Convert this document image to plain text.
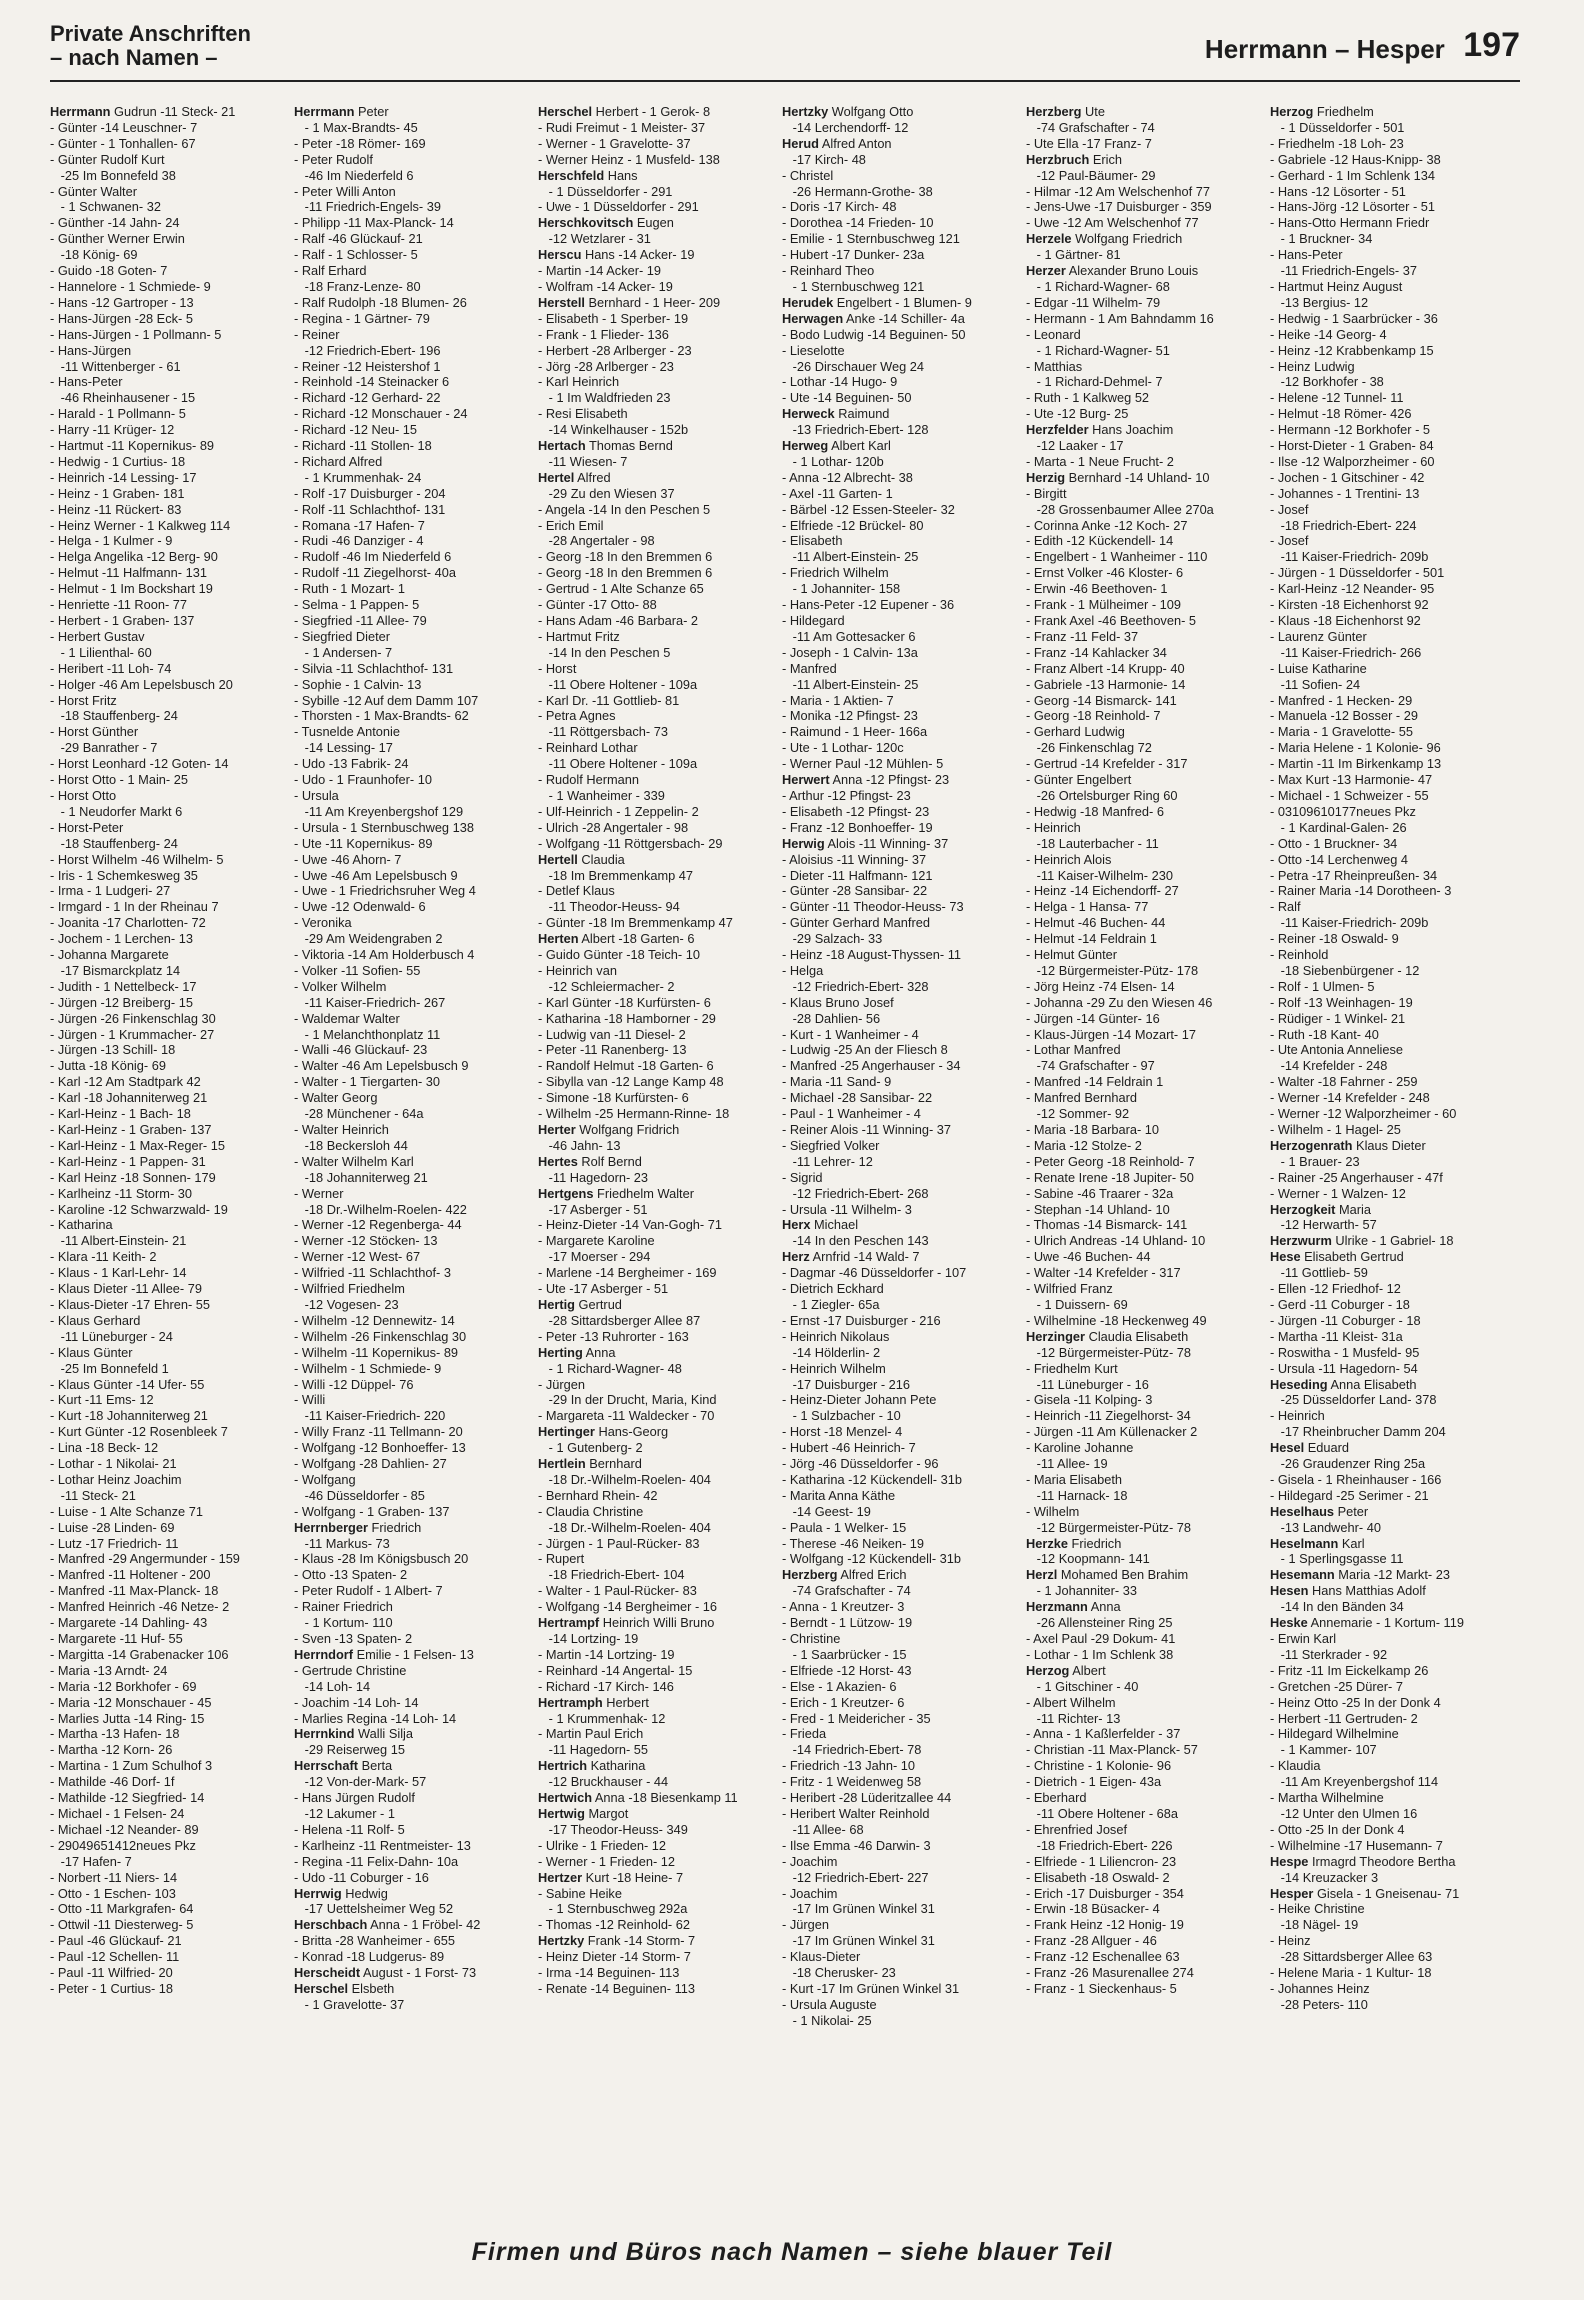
Private Anschriften
– nach Namen –	Herrmann – Hesper 197
Herrmann Gudrun -11 Steck- 21
- Günter -14 Leuschner- 7
- Günter - 1 Tonhallen- 67
- Günter Rudolf Kurt
-25 Im Bonnefeld 38
- Günter Walter
- 1 Schwanen- 32
- Günther -14 Jahn- 24
- Günther Werner Erwin
-18 König- 69
- Guido -18 Goten- 7
- Hannelore - 1 Schmiede- 9
- Hans -12 Gartroper - 13
- Hans-Jürgen -28 Eck- 5
- Hans-Jürgen - 1 Pollmann- 5
- Hans-Jürgen
-11 Wittenberger - 61
- Hans-Peter
-46 Rheinhausener - 15
- Harald - 1 Pollmann- 5
- Harry -11 Krüger- 12
- Hartmut -11 Kopernikus- 89
- Hedwig - 1 Curtius- 18
- Heinrich -14 Lessing- 17
- Heinz - 1 Graben- 181
- Heinz -11 Rückert- 83
- Heinz Werner - 1 Kalkweg 114
- Helga - 1 Kulmer - 9
- Helga Angelika -12 Berg- 90
- Helmut -11 Halfmann- 131
- Helmut - 1 Im Bockshart 19
- Henriette -11 Roon- 77
- Herbert - 1 Graben- 137
- Herbert Gustav
- 1 Lilienthal- 60
- Heribert -11 Loh- 74
- Holger -46 Am Lepelsbusch 20
- Horst Fritz
-18 Stauffenberg- 24
- Horst Günther
-29 Banrather - 7
- Horst Leonhard -12 Goten- 14
- Horst Otto - 1 Main- 25
- Horst Otto
- 1 Neudorfer Markt 6
- Horst-Peter
-18 Stauffenberg- 24
- Horst Wilhelm -46 Wilhelm- 5
- Iris - 1 Schemkesweg 35
- Irma - 1 Ludgeri- 27
- Irmgard - 1 In der Rheinau 7
- Joanita -17 Charlotten- 72
- Jochem - 1 Lerchen- 13
- Johanna Margarete
-17 Bismarckplatz 14
- Judith - 1 Nettelbeck- 17
- Jürgen -12 Breiberg- 15
- Jürgen -26 Finkenschlag 30
- Jürgen - 1 Krummacher- 27
- Jürgen -13 Schill- 18
- Jutta -18 König- 69
- Karl -12 Am Stadtpark 42
- Karl -18 Johanniterweg 21
- Karl-Heinz - 1 Bach- 18
- Karl-Heinz - 1 Graben- 137
- Karl-Heinz - 1 Max-Reger- 15
- Karl-Heinz - 1 Pappen- 31
- Karl Heinz -18 Sonnen- 179
- Karlheinz -11 Storm- 30
- Karoline -12 Schwarzwald- 19
- Katharina
-11 Albert-Einstein- 21
- Klara -11 Keith- 2
- Klaus - 1 Karl-Lehr- 14
- Klaus Dieter -11 Allee- 79
- Klaus-Dieter -17 Ehren- 55
- Klaus Gerhard
-11 Lüneburger - 24
- Klaus Günter
-25 Im Bonnefeld 1
- Klaus Günter -14 Ufer- 55
- Kurt -11 Ems- 12
- Kurt -18 Johanniterweg 21
- Kurt Günter -12 Rosenbleek 7
- Lina -18 Beck- 12
- Lothar - 1 Nikolai- 21
- Lothar Heinz Joachim
-11 Steck- 21
- Luise - 1 Alte Schanze 71
- Luise -28 Linden- 69
- Lutz -17 Friedrich- 11
- Manfred -29 Angermunder - 159
- Manfred -11 Holtener - 200
- Manfred -11 Max-Planck- 18
- Manfred Heinrich -46 Netze- 2
- Margarete -14 Dahling- 43
- Margarete -11 Huf- 55
- Margitta -14 Grabenacker 106
- Maria -13 Arndt- 24
- Maria -12 Borkhofer - 69
- Maria -12 Monschauer - 45
- Marlies Jutta -14 Ring- 15
- Martha -13 Hafen- 18
- Martha -12 Korn- 26
- Martina - 1 Zum Schulhof 3
- Mathilde -46 Dorf- 1f
- Mathilde -12 Siegfried- 14
- Michael - 1 Felsen- 24
- Michael -12 Neander- 89
- 29049651412neues Pkz
-17 Hafen- 7
- Norbert -11 Niers- 14
- Otto - 1 Eschen- 103
- Otto -11 Markgrafen- 64
- Ottwil -11 Diesterweg- 5
- Paul -46 Glückauf- 21
- Paul -12 Schellen- 11
- Paul -11 Wilfried- 20
- Peter - 1 Curtius- 18
Herrmann Peter
- 1 Max-Brandts- 45
- Peter -18 Römer- 169
- Peter Rudolf
-46 Im Niederfeld 6
- Peter Willi Anton
-11 Friedrich-Engels- 39
- Philipp -11 Max-Planck- 14
- Ralf -46 Glückauf- 21
- Ralf - 1 Schlosser- 5
- Ralf Erhard
-18 Franz-Lenze- 80
- Ralf Rudolph -18 Blumen- 26
- Regina - 1 Gärtner- 79
- Reiner
-12 Friedrich-Ebert- 196
- Reiner -12 Heistershof 1
- Reinhold -14 Steinacker 6
- Richard -12 Gerhard- 22
- Richard -12 Monschauer - 24
- Richard -12 Neu- 15
- Richard -11 Stollen- 18
- Richard Alfred
- 1 Krummenhak- 24
- Rolf -17 Duisburger - 204
- Rolf -11 Schlachthof- 131
- Romana -17 Hafen- 7
- Rudi -46 Danziger - 4
- Rudolf -46 Im Niederfeld 6
- Rudolf -11 Ziegelhorst- 40a
- Ruth - 1 Mozart- 1
- Selma - 1 Pappen- 5
- Siegfried -11 Allee- 79
- Siegfried Dieter
- 1 Andersen- 7
- Silvia -11 Schlachthof- 131
- Sophie - 1 Calvin- 13
- Sybille -12 Auf dem Damm 107
- Thorsten - 1 Max-Brandts- 62
- Tusnelde Antonie
-14 Lessing- 17
- Udo -13 Fabrik- 24
- Udo - 1 Fraunhofer- 10
- Ursula
-11 Am Kreyenbergshof 129
- Ursula - 1 Sternbuschweg 138
- Ute -11 Kopernikus- 89
- Uwe -46 Ahorn- 7
- Uwe -46 Am Lepelsbusch 9
- Uwe - 1 Friedrichsruher Weg 4
- Uwe -12 Odenwald- 6
- Veronika
-29 Am Weidengraben 2
- Viktoria -14 Am Holderbusch 4
- Volker -11 Sofien- 55
- Volker Wilhelm
-11 Kaiser-Friedrich- 267
- Waldemar Walter
- 1 Melanchthonplatz 11
- Walli -46 Glückauf- 23
- Walter -46 Am Lepelsbusch 9
- Walter - 1 Tiergarten- 30
- Walter Georg
-28 Münchener - 64a
- Walter Heinrich
-18 Beckersloh 44
- Walter Wilhelm Karl
-18 Johanniterweg 21
- Werner
-18 Dr.-Wilhelm-Roelen- 422
- Werner -12 Regenberga- 44
- Werner -12 Stöcken- 13
- Werner -12 West- 67
- Wilfried -11 Schlachthof- 3
- Wilfried Friedhelm
-12 Vogesen- 23
- Wilhelm -12 Dennewitz- 14
- Wilhelm -26 Finkenschlag 30
- Wilhelm -11 Kopernikus- 89
- Wilhelm - 1 Schmiede- 9
- Willi -12 Düppel- 76
- Willi
-11 Kaiser-Friedrich- 220
- Willy Franz -11 Tellmann- 20
- Wolfgang -12 Bonhoeffer- 13
- Wolfgang -28 Dahlien- 27
- Wolfgang
-46 Düsseldorfer - 85
- Wolfgang - 1 Graben- 137
Herrnberger Friedrich
-11 Markus- 73
- Klaus -28 Im Königsbusch 20
- Otto -13 Spaten- 2
- Peter Rudolf - 1 Albert- 7
- Rainer Friedrich
- 1 Kortum- 110
- Sven -13 Spaten- 2
Herrndorf Emilie - 1 Felsen- 13
- Gertrude Christine
-14 Loh- 14
- Joachim -14 Loh- 14
- Marlies Regina -14 Loh- 14
Herrnkind Walli Silja
-29 Reiserweg 15
Herrschaft Berta
-12 Von-der-Mark- 57
- Hans Jürgen Rudolf
-12 Lakumer - 1
- Helena -11 Rolf- 5
- Karlheinz -11 Rentmeister- 13
- Regina -11 Felix-Dahn- 10a
- Udo -11 Coburger - 16
Herrwig Hedwig
-17 Uettelsheimer Weg 52
Herschbach Anna - 1 Fröbel- 42
- Britta -28 Wanheimer - 655
- Konrad -18 Ludgerus- 89
Herscheidt August - 1 Forst- 73
Herschel Elsbeth
- 1 Gravelotte- 37
Herschel Herbert - 1 Gerok- 8
- Rudi Freimut - 1 Meister- 37
- Werner - 1 Gravelotte- 37
- Werner Heinz - 1 Musfeld- 138
Herschfeld Hans
- 1 Düsseldorfer - 291
- Uwe - 1 Düsseldorfer - 291
Herschkovitsch Eugen
-12 Wetzlarer - 31
Herscu Hans -14 Acker- 19
- Martin -14 Acker- 19
- Wolfram -14 Acker- 19
Herstell Bernhard - 1 Heer- 209
- Elisabeth - 1 Sperber- 19
- Frank - 1 Flieder- 136
- Herbert -28 Arlberger - 23
- Jörg -28 Arlberger - 23
- Karl Heinrich
- 1 Im Waldfrieden 23
- Resi Elisabeth
-14 Winkelhauser - 152b
Hertach Thomas Bernd
-11 Wiesen- 7
Hertel Alfred
-29 Zu den Wiesen 37
- Angela -14 In den Peschen 5
- Erich Emil
-28 Angertaler - 98
- Georg -18 In den Bremmen 6
- Georg -18 In den Bremmen 6
- Gertrud - 1 Alte Schanze 65
- Günter -17 Otto- 88
- Hans Adam -46 Barbara- 2
- Hartmut Fritz
-14 In den Peschen 5
- Horst
-11 Obere Holtener - 109a
- Karl Dr. -11 Gottlieb- 81
- Petra Agnes
-11 Röttgersbach- 73
- Reinhard Lothar
-11 Obere Holtener - 109a
- Rudolf Hermann
- 1 Wanheimer - 339
- Ulf-Heinrich - 1 Zeppelin- 2
- Ulrich -28 Angertaler - 98
- Wolfgang -11 Röttgersbach- 29
Hertell Claudia
-18 Im Bremmenkamp 47
- Detlef Klaus
-11 Theodor-Heuss- 94
- Günter -18 Im Bremmenkamp 47
Herten Albert -18 Garten- 6
- Guido Günter -18 Teich- 10
- Heinrich van
-12 Schleiermacher- 2
- Karl Günter -18 Kurfürsten- 6
- Katharina -18 Hamborner - 29
- Ludwig van -11 Diesel- 2
- Peter -11 Ranenberg- 13
- Randolf Helmut -18 Garten- 6
- Sibylla van -12 Lange Kamp 48
- Simone -18 Kurfürsten- 6
- Wilhelm -25 Hermann-Rinne- 18
Herter Wolfgang Fridrich
-46 Jahn- 13
Hertes Rolf Bernd
-11 Hagedorn- 23
Hertgens Friedhelm Walter
-17 Asberger - 51
- Heinz-Dieter -14 Van-Gogh- 71
- Margarete Karoline
-17 Moerser - 294
- Marlene -14 Bergheimer - 169
- Ute -17 Asberger - 51
Hertig Gertrud
-28 Sittardsberger Allee 87
- Peter -13 Ruhrorter - 163
Herting Anna
- 1 Richard-Wagner- 48
- Jürgen
-29 In der Drucht, Maria, Kind
- Margareta -11 Waldecker - 70
Hertinger Hans-Georg
- 1 Gutenberg- 2
Hertlein Bernhard
-18 Dr.-Wilhelm-Roelen- 404
- Bernhard Rhein- 42
- Claudia Christine
-18 Dr.-Wilhelm-Roelen- 404
- Jürgen - 1 Paul-Rücker- 83
- Rupert
-18 Friedrich-Ebert- 104
- Walter - 1 Paul-Rücker- 83
- Wolfgang -14 Bergheimer - 16
Hertrampf Heinrich Willi Bruno
-14 Lortzing- 19
- Martin -14 Lortzing- 19
- Reinhard -14 Angertal- 15
- Richard -17 Kirch- 146
Hertramph Herbert
- 1 Krummenhak- 12
- Martin Paul Erich
-11 Hagedorn- 55
Hertrich Katharina
-12 Bruckhauser - 44
Hertwich Anna -18 Biesenkamp 11
Hertwig Margot
-17 Theodor-Heuss- 349
- Ulrike - 1 Frieden- 12
- Werner - 1 Frieden- 12
Hertzer Kurt -18 Heine- 7
- Sabine Heike
- 1 Sternbuschweg 292a
- Thomas -12 Reinhold- 62
Hertzky Frank -14 Storm- 7
- Heinz Dieter -14 Storm- 7
- Irma -14 Beguinen- 113
- Renate -14 Beguinen- 113
Hertzky Wolfgang Otto
-14 Lerchendorff- 12
Herud Alfred Anton
-17 Kirch- 48
- Christel
-26 Hermann-Grothe- 38
- Doris -17 Kirch- 48
- Dorothea -14 Frieden- 10
- Emilie - 1 Sternbuschweg 121
- Hubert -17 Dunker- 23a
- Reinhard Theo
- 1 Sternbuschweg 121
Herudek Engelbert - 1 Blumen- 9
Herwagen Anke -14 Schiller- 4a
- Bodo Ludwig -14 Beguinen- 50
- Lieselotte
-26 Dirschauer Weg 24
- Lothar -14 Hugo- 9
- Ute -14 Beguinen- 50
Herweck Raimund
-13 Friedrich-Ebert- 128
Herweg Albert Karl
- 1 Lothar- 120b
- Anna -12 Albrecht- 38
- Axel -11 Garten- 1
- Bärbel -12 Essen-Steeler- 32
- Elfriede -12 Brückel- 80
- Elisabeth
-11 Albert-Einstein- 25
- Friedrich Wilhelm
- 1 Johanniter- 158
- Hans-Peter -12 Eupener - 36
- Hildegard
-11 Am Gottesacker 6
- Joseph - 1 Calvin- 13a
- Manfred
-11 Albert-Einstein- 25
- Maria - 1 Aktien- 7
- Monika -12 Pfingst- 23
- Raimund - 1 Heer- 166a
- Ute - 1 Lothar- 120c
- Werner Paul -12 Mühlen- 5
Herwert Anna -12 Pfingst- 23
- Arthur -12 Pfingst- 23
- Elisabeth -12 Pfingst- 23
- Franz -12 Bonhoeffer- 19
Herwig Alois -11 Winning- 37
- Aloisius -11 Winning- 37
- Dieter -11 Halfmann- 121
- Günter -28 Sansibar- 22
- Günter -11 Theodor-Heuss- 73
- Günter Gerhard Manfred
-29 Salzach- 33
- Heinz -18 August-Thyssen- 11
- Helga
-12 Friedrich-Ebert- 328
- Klaus Bruno Josef
-28 Dahlien- 56
- Kurt - 1 Wanheimer - 4
- Ludwig -25 An der Fliesch 8
- Manfred -25 Angerhauser - 34
- Maria -11 Sand- 9
- Michael -28 Sansibar- 22
- Paul - 1 Wanheimer - 4
- Reiner Alois -11 Winning- 37
- Siegfried Volker
-11 Lehrer- 12
- Sigrid
-12 Friedrich-Ebert- 268
- Ursula -11 Wilhelm- 3
Herx Michael
-14 In den Peschen 143
Herz Arnfrid -14 Wald- 7
- Dagmar -46 Düsseldorfer - 107
- Dietrich Eckhard
- 1 Ziegler- 65a
- Ernst -17 Duisburger - 216
- Heinrich Nikolaus
-14 Hölderlin- 2
- Heinrich Wilhelm
-17 Duisburger - 216
- Heinz-Dieter Johann Pete
- 1 Sulzbacher - 10
- Horst -18 Menzel- 4
- Hubert -46 Heinrich- 7
- Jörg -46 Düsseldorfer - 96
- Katharina -12 Kückendell- 31b
- Marita Anna Käthe
-14 Geest- 19
- Paula - 1 Welker- 15
- Therese -46 Neiken- 19
- Wolfgang -12 Kückendell- 31b
Herzberg Alfred Erich
-74 Grafschafter - 74
- Anna - 1 Kreutzer- 3
- Berndt - 1 Lützow- 19
- Christine
- 1 Saarbrücker - 15
- Elfriede -12 Horst- 43
- Else - 1 Akazien- 6
- Erich - 1 Kreutzer- 6
- Fred - 1 Meidericher - 35
- Frieda
-14 Friedrich-Ebert- 78
- Friedrich -13 Jahn- 10
- Fritz - 1 Weidenweg 58
- Heribert -28 Lüderitzallee 44
- Heribert Walter Reinhold
-11 Allee- 68
- Ilse Emma -46 Darwin- 3
- Joachim
-12 Friedrich-Ebert- 227
- Joachim
-17 Im Grünen Winkel 31
- Jürgen
-17 Im Grünen Winkel 31
- Klaus-Dieter
-18 Cherusker- 23
- Kurt -17 Im Grünen Winkel 31
- Ursula Auguste
- 1 Nikolai- 25
Herzberg Ute
-74 Grafschafter - 74
- Ute Ella -17 Franz- 7
Herzbruch Erich
-12 Paul-Bäumer- 29
- Hilmar -12 Am Welschenhof 77
- Jens-Uwe -17 Duisburger - 359
- Uwe -12 Am Welschenhof 77
Herzele Wolfgang Friedrich
- 1 Gärtner- 81
Herzer Alexander Bruno Louis
- 1 Richard-Wagner- 68
- Edgar -11 Wilhelm- 79
- Hermann - 1 Am Bahndamm 16
- Leonard
- 1 Richard-Wagner- 51
- Matthias
- 1 Richard-Dehmel- 7
- Ruth - 1 Kalkweg 52
- Ute -12 Burg- 25
Herzfelder Hans Joachim
-12 Laaker - 17
- Marta - 1 Neue Frucht- 2
Herzig Bernhard -14 Uhland- 10
- Birgitt
-28 Grossenbaumer Allee 270a
- Corinna Anke -12 Koch- 27
- Edith -12 Kückendell- 14
- Engelbert - 1 Wanheimer - 110
- Ernst Volker -46 Kloster- 6
- Erwin -46 Beethoven- 1
- Frank - 1 Mülheimer - 109
- Frank Axel -46 Beethoven- 5
- Franz -11 Feld- 37
- Franz -14 Kahlacker 34
- Franz Albert -14 Krupp- 40
- Gabriele -13 Harmonie- 14
- Georg -14 Bismarck- 141
- Georg -18 Reinhold- 7
- Gerhard Ludwig
-26 Finkenschlag 72
- Gertrud -14 Krefelder - 317
- Günter Engelbert
-26 Ortelsburger Ring 60
- Hedwig -18 Manfred- 6
- Heinrich
-18 Lauterbacher - 11
- Heinrich Alois
-11 Kaiser-Wilhelm- 230
- Heinz -14 Eichendorff- 27
- Helga - 1 Hansa- 77
- Helmut -46 Buchen- 44
- Helmut -14 Feldrain 1
- Helmut Günter
-12 Bürgermeister-Pütz- 178
- Jörg Heinz -74 Elsen- 14
- Johanna -29 Zu den Wiesen 46
- Jürgen -14 Günter- 16
- Klaus-Jürgen -14 Mozart- 17
- Lothar Manfred
-74 Grafschafter - 97
- Manfred -14 Feldrain 1
- Manfred Bernhard
-12 Sommer- 92
- Maria -18 Barbara- 10
- Maria -12 Stolze- 2
- Peter Georg -18 Reinhold- 7
- Renate Irene -18 Jupiter- 50
- Sabine -46 Traarer - 32a
- Stephan -14 Uhland- 10
- Thomas -14 Bismarck- 141
- Ulrich Andreas -14 Uhland- 10
- Uwe -46 Buchen- 44
- Walter -14 Krefelder - 317
- Wilfried Franz
- 1 Duissern- 69
- Wilhelmine -18 Heckenweg 49
Herzinger Claudia Elisabeth
-12 Bürgermeister-Pütz- 78
- Friedhelm Kurt
-11 Lüneburger - 16
- Gisela -11 Kolping- 3
- Heinrich -11 Ziegelhorst- 34
- Jürgen -11 Am Küllenacker 2
- Karoline Johanne
-11 Allee- 19
- Maria Elisabeth
-11 Harnack- 18
- Wilhelm
-12 Bürgermeister-Pütz- 78
Herzke Friedrich
-12 Koopmann- 141
Herzl Mohamed Ben Brahim
- 1 Johanniter- 33
Herzmann Anna
-26 Allensteiner Ring 25
- Axel Paul -29 Dokum- 41
- Lothar - 1 Im Schlenk 38
Herzog Albert
- 1 Gitschiner - 40
- Albert Wilhelm
-11 Richter- 13
- Anna - 1 Kaßlerfelder - 37
- Christian -11 Max-Planck- 57
- Christine - 1 Kolonie- 96
- Dietrich - 1 Eigen- 43a
- Eberhard
-11 Obere Holtener - 68a
- Ehrenfried Josef
-18 Friedrich-Ebert- 226
- Elfriede - 1 Liliencron- 23
- Elisabeth -18 Oswald- 2
- Erich -17 Duisburger - 354
- Erwin -18 Büsacker- 4
- Frank Heinz -12 Honig- 19
- Franz -28 Allguer - 46
- Franz -12 Eschenallee 63
- Franz -26 Masurenallee 274
- Franz - 1 Sieckenhaus- 5
Herzog Friedhelm
- 1 Düsseldorfer - 501
- Friedhelm -18 Loh- 23
- Gabriele -12 Haus-Knipp- 38
- Gerhard - 1 Im Schlenk 134
- Hans -12 Lösorter - 51
- Hans-Jörg -12 Lösorter - 51
- Hans-Otto Hermann Friedr
- 1 Bruckner- 34
- Hans-Peter
-11 Friedrich-Engels- 37
- Hartmut Heinz August
-13 Bergius- 12
- Hedwig - 1 Saarbrücker - 36
- Heike -14 Georg- 4
- Heinz -12 Krabbenkamp 15
- Heinz Ludwig
-12 Borkhofer - 38
- Helene -12 Tunnel- 11
- Helmut -18 Römer- 426
- Hermann -12 Borkhofer - 5
- Horst-Dieter - 1 Graben- 84
- Ilse -12 Walporzheimer - 60
- Jochen - 1 Gitschiner - 42
- Johannes - 1 Trentini- 13
- Josef
-18 Friedrich-Ebert- 224
- Josef
-11 Kaiser-Friedrich- 209b
- Jürgen - 1 Düsseldorfer - 501
- Karl-Heinz -12 Neander- 95
- Kirsten -18 Eichenhorst 92
- Klaus -18 Eichenhorst 92
- Laurenz Günter
-11 Kaiser-Friedrich- 266
- Luise Katharine
-11 Sofien- 24
- Manfred - 1 Hecken- 29
- Manuela -12 Bosser - 29
- Maria - 1 Gravelotte- 55
- Maria Helene - 1 Kolonie- 96
- Martin -11 Im Birkenkamp 13
- Max Kurt -13 Harmonie- 47
- Michael - 1 Schweizer - 55
- 03109610177neues Pkz
- 1 Kardinal-Galen- 26
- Otto - 1 Bruckner- 34
- Otto -14 Lerchenweg 4
- Petra -17 Rheinpreußen- 34
- Rainer Maria -14 Dorotheen- 3
- Ralf
-11 Kaiser-Friedrich- 209b
- Reiner -18 Oswald- 9
- Reinhold
-18 Siebenbürgener - 12
- Rolf - 1 Ulmen- 5
- Rolf -13 Weinhagen- 19
- Rüdiger - 1 Winkel- 21
- Ruth -18 Kant- 40
- Ute Antonia Anneliese
-14 Krefelder - 248
- Walter -18 Fahrner - 259
- Werner -14 Krefelder - 248
- Werner -12 Walporzheimer - 60
- Wilhelm - 1 Hagel- 25
Herzogenrath Klaus Dieter
- 1 Brauer- 23
- Rainer -25 Angerhauser - 47f
- Werner - 1 Walzen- 12
Herzogkeit Maria
-12 Herwarth- 57
Herzwurm Ulrike - 1 Gabriel- 18
Hese Elisabeth Gertrud
-11 Gottlieb- 59
- Ellen -12 Friedhof- 12
- Gerd -11 Coburger - 18
- Jürgen -11 Coburger - 18
- Martha -11 Kleist- 31a
- Roswitha - 1 Musfeld- 95
- Ursula -11 Hagedorn- 54
Heseding Anna Elisabeth
-25 Düsseldorfer Land- 378
- Heinrich
-17 Rheinbrucher Damm 204
Hesel Eduard
-26 Graudenzer Ring 25a
- Gisela - 1 Rheinhauser - 166
- Hildegard -25 Serimer - 21
Heselhaus Peter
-13 Landwehr- 40
Heselmann Karl
- 1 Sperlingsgasse 11
Hesemann Maria -12 Markt- 23
Hesen Hans Matthias Adolf
-14 In den Bänden 34
Heske Annemarie - 1 Kortum- 119
- Erwin Karl
-11 Sterkrader - 92
- Fritz -11 Im Eickelkamp 26
- Gretchen -25 Dürer- 7
- Heinz Otto -25 In der Donk 4
- Herbert -11 Gertruden- 2
- Hildegard Wilhelmine
- 1 Kammer- 107
- Klaudia
-11 Am Kreyenbergshof 114
- Martha Wilhelmine
-12 Unter den Ulmen 16
- Otto -25 In der Donk 4
- Wilhelmine -17 Husemann- 7
Hespe Irmagrd Theodore Bertha
-14 Kreuzacker 3
Hesper Gisela - 1 Gneisenau- 71
- Heike Christine
-18 Nägel- 19
- Heinz
-28 Sittardsberger Allee 63
- Helene Maria - 1 Kultur- 18
- Johannes Heinz
-28 Peters- 110
Firmen und Büros nach Namen – siehe blauer Teil
